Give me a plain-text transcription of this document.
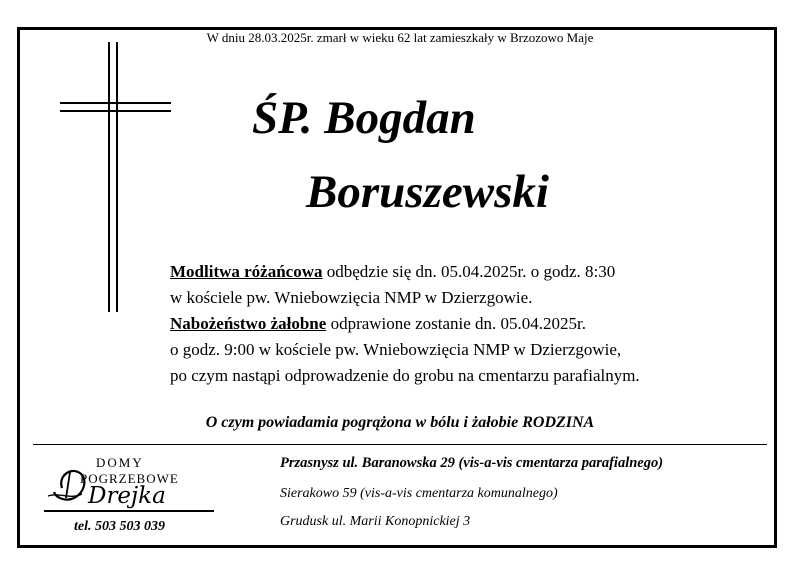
W dniu 28.03.2025r. zmarł w wieku 62 lat zamieszkały w Brzozowo Maje
ŚP. Bogdan
Boruszewski
Modlitwa różańcowa odbędzie się dn. 05.04.2025r. o godz. 8:30
w kościele pw. Wniebowzięcia NMP w Dzierzgowie.
Nabożeństwo żałobne odprawione zostanie dn. 05.04.2025r.
o godz. 9:00 w kościele pw. Wniebowzięcia NMP w Dzierzgowie,
po czym nastąpi odprowadzenie do grobu na cmentarzu parafialnym.
O czym powiadamia pogrążona w bólu i żałobie RODZINA
DOMY
POGRZEBOWE
Drejka
tel. 503 503 039
Przasnysz ul. Baranowska 29 (vis-a-vis cmentarza parafialnego)
Sierakowo 59 (vis-a-vis cmentarza komunalnego)
Grudusk ul. Marii Konopnickiej 3
